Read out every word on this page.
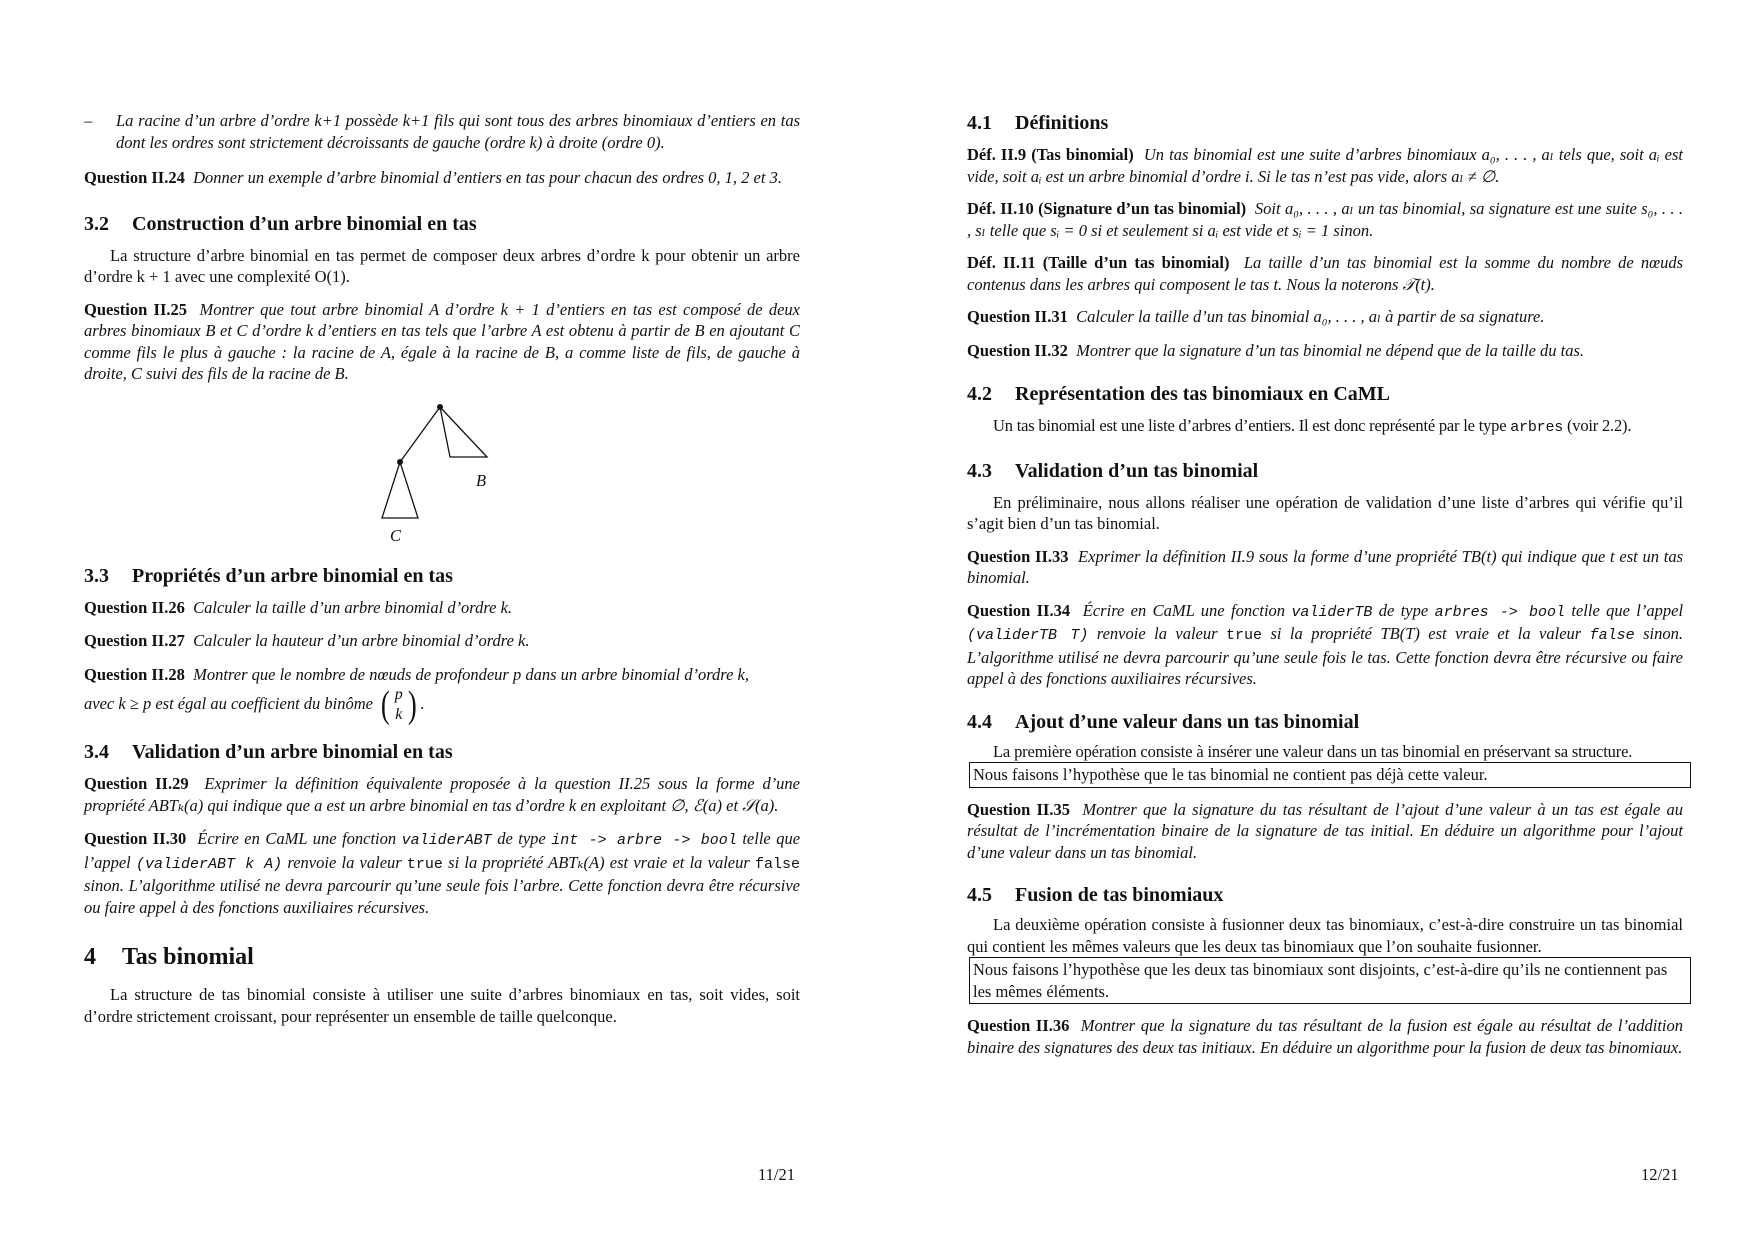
–	La racine d’un arbre d’ordre k+1 possède k+1 fils qui sont tous des arbres binomiaux d’entiers en tas dont les ordres sont strictement décroissants de gauche (ordre k) à droite (ordre 0).

Question II.24 Donner un exemple d’arbre binomial d’entiers en tas pour chacun des ordres 0, 1, 2 et 3.

3.2 Construction d’un arbre binomial en tas

La structure d’arbre binomial en tas permet de composer deux arbres d’ordre k pour obtenir un arbre d’ordre k + 1 avec une complexité O(1).

Question II.25 Montrer que tout arbre binomial A d’ordre k + 1 d’entiers en tas est composé de deux arbres binomiaux B et C d’ordre k d’entiers en tas tels que l’arbre A est obtenu à partir de B en ajoutant C comme fils le plus à gauche : la racine de A, égale à la racine de B, a comme liste de fils, de gauche à droite, C suivi des fils de la racine de B.

B
C
3.3 Propriétés d’un arbre binomial en tas

Question II.26 Calculer la taille d’un arbre binomial d’ordre k.

Question II.27 Calculer la hauteur d’un arbre binomial d’ordre k.

Question II.28 Montrer que le nombre de nœuds de profondeur p dans un arbre binomial d’ordre k,

avec k ≥ p est égal au coefficient du binôme ( p
k ) .

3.4 Validation d’un arbre binomial en tas

Question II.29 Exprimer la définition équivalente proposée à la question II.25 sous la forme d’une propriété ABTₖ(a) qui indique que a est un arbre binomial en tas d’ordre k en exploitant ∅, ℰ(a) et 𝒮(a).

Question II.30 Écrire en CaML une fonction validerABT de type int -> arbre -> bool telle que l’appel (validerABT k A) renvoie la valeur true si la propriété ABTₖ(A) est vraie et la valeur false sinon. L’algorithme utilisé ne devra parcourir qu’une seule fois l’arbre. Cette fonction devra être récursive ou faire appel à des fonctions auxiliaires récursives.

4 Tas binomial

La structure de tas binomial consiste à utiliser une suite d’arbres binomiaux en tas, soit vides, soit d’ordre strictement croissant, pour représenter un ensemble de taille quelconque.

11/21
4.1 Définitions

Déf. II.9 (Tas binomial) Un tas binomial est une suite d’arbres binomiaux a₀, . . . , aₗ tels que, soit aᵢ est vide, soit aᵢ est un arbre binomial d’ordre i. Si le tas n’est pas vide, alors aₗ ≠ ∅.

Déf. II.10 (Signature d’un tas binomial) Soit a₀, . . . , aₗ un tas binomial, sa signature est une suite s₀, . . . , sₗ telle que sᵢ = 0 si et seulement si aᵢ est vide et sᵢ = 1 sinon.

Déf. II.11 (Taille d’un tas binomial) La taille d’un tas binomial est la somme du nombre de nœuds contenus dans les arbres qui composent le tas t. Nous la noterons 𝒯(t).

Question II.31 Calculer la taille d’un tas binomial a₀, . . . , aₗ à partir de sa signature.

Question II.32 Montrer que la signature d’un tas binomial ne dépend que de la taille du tas.

4.2 Représentation des tas binomiaux en CaML

Un tas binomial est une liste d’arbres d’entiers. Il est donc représenté par le type arbres (voir 2.2).

4.3 Validation d’un tas binomial

En préliminaire, nous allons réaliser une opération de validation d’une liste d’arbres qui vérifie qu’il s’agit bien d’un tas binomial.

Question II.33 Exprimer la définition II.9 sous la forme d’une propriété TB(t) qui indique que t est un tas binomial.

Question II.34 Écrire en CaML une fonction validerTB de type arbres -> bool telle que l’appel (validerTB T) renvoie la valeur true si la propriété TB(T) est vraie et la valeur false sinon. L’algorithme utilisé ne devra parcourir qu’une seule fois le tas. Cette fonction devra être récursive ou faire appel à des fonctions auxiliaires récursives.

4.4 Ajout d’une valeur dans un tas binomial

La première opération consiste à insérer une valeur dans un tas binomial en préservant sa structure.

Nous faisons l’hypothèse que le tas binomial ne contient pas déjà cette valeur.

Question II.35 Montrer que la signature du tas résultant de l’ajout d’une valeur à un tas est égale au résultat de l’incrémentation binaire de la signature de tas initial. En déduire un algorithme pour l’ajout d’une valeur dans un tas binomial.

4.5 Fusion de tas binomiaux

La deuxième opération consiste à fusionner deux tas binomiaux, c’est-à-dire construire un tas binomial qui contient les mêmes valeurs que les deux tas binomiaux que l’on souhaite fusionner.

Nous faisons l’hypothèse que les deux tas binomiaux sont disjoints, c’est-à-dire qu’ils ne contiennent pas les mêmes éléments.

Question II.36 Montrer que la signature du tas résultant de la fusion est égale au résultat de l’addition binaire des signatures des deux tas initiaux. En déduire un algorithme pour la fusion de deux tas binomiaux.

12/21
